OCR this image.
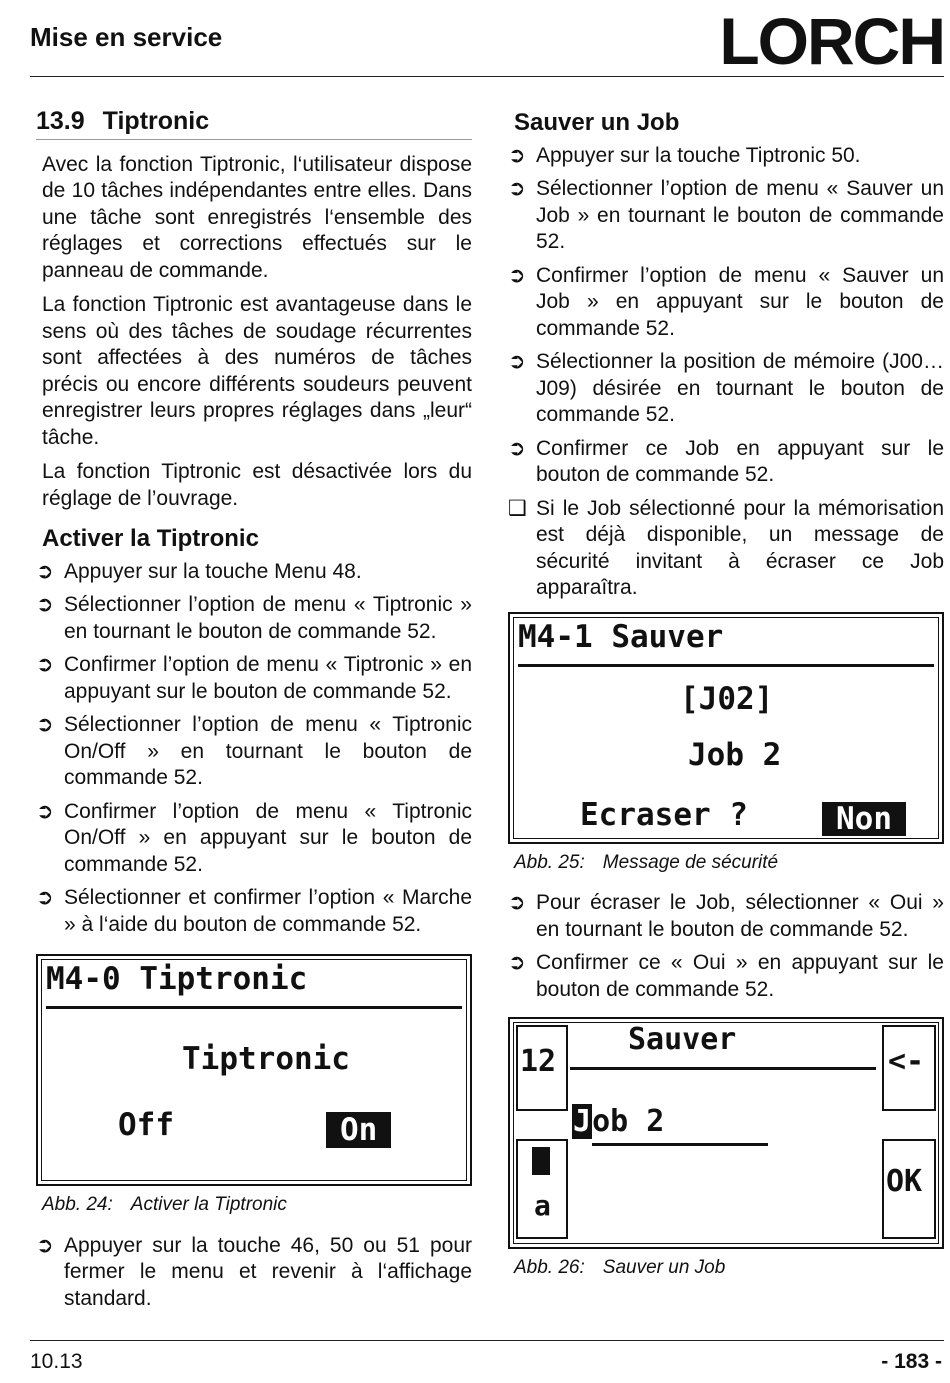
Mise en service	LORCH
13.9 Tiptronic

Avec la fonction Tiptronic, l‘utilisateur dispose de 10 tâches indépendantes entre elles. Dans une tâche sont enregistrés l‘ensemble des réglages et corrections effectués sur le panneau de commande.

La fonction Tiptronic est avantageuse dans le sens où des tâches de soudage récurrentes sont affectées à des numéros de tâches précis ou encore différents soudeurs peuvent enregistrer leurs propres réglages dans „leur“ tâche.

La fonction Tiptronic est désactivée lors du réglage de l’ouvrage.

Activer la Tiptronic
➲ Appuyer sur la touche Menu 48.
➲ Sélectionner l’option de menu « Tiptronic » en tournant le bouton de commande 52.
➲ Confirmer l’option de menu « Tiptronic » en appuyant sur le bouton de commande 52.
➲ Sélectionner l’option de menu « Tiptronic On/Off » en tournant le bouton de commande 52.
➲ Confirmer l’option de menu « Tiptronic On/Off » en appuyant sur le bouton de commande 52.
➲ Sélectionner et confirmer l’option « Marche » à l‘aide du bouton de commande 52.
M4-0 Tiptronic
Tiptronic
Off	On
Abb. 24: Activer la Tiptronic
➲ Appuyer sur la touche 46, 50 ou 51 pour fermer le menu et revenir à l‘affichage standard.
Sauver un Job
➲ Appuyer sur la touche Tiptronic 50.
➲ Sélectionner l’option de menu « Sauver un Job » en tournant le bouton de commande 52.
➲ Confirmer l’option de menu « Sauver un Job » en appuyant sur le bouton de commande 52.
➲ Sélectionner la position de mémoire (J00…J09) désirée en tournant le bouton de commande 52.
➲ Confirmer ce Job en appuyant sur le bouton de commande 52.
❑ Si le Job sélectionné pour la mémorisation est déjà disponible, un message de sécurité invitant à écraser ce Job apparaîtra.
M4-1 Sauver
[J02]
Job 2
Ecraser ?	Non
Abb. 25: Message de sécurité
➲ Pour écraser le Job, sélectionner « Oui » en tournant le bouton de commande 52.
➲ Confirmer ce « Oui » en appuyant sur le bouton de commande 52.
12
Sauver
<-
Job 2
a
OK
Abb. 26: Sauver un Job
10.13	- 183 -
